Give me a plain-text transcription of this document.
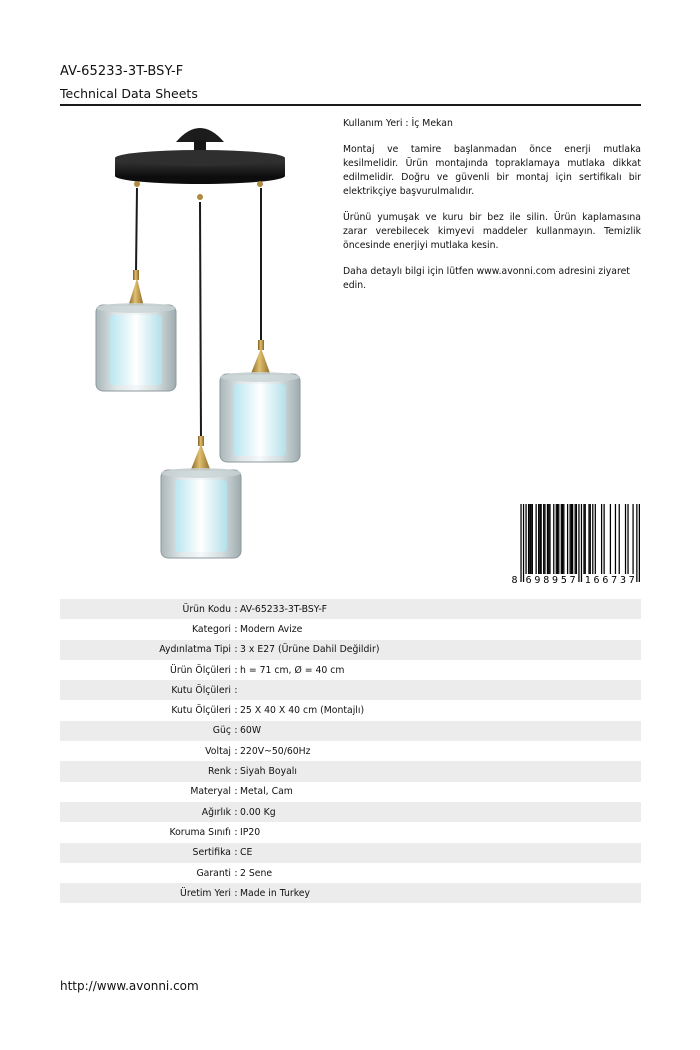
AV-65233-3T-BSY-F
Technical Data Sheets

Kullanım Yeri : İç Mekan

Montaj ve tamire başlanmadan önce enerji mutlaka kesilmelidir. Ürün montajında topraklamaya mutlaka dikkat edilmelidir. Doğru ve güvenli bir montaj için sertifikalı bir elektrikçiye başvurulmalıdır.

Ürünü yumuşak ve kuru bir bez ile silin. Ürün kaplamasına zarar verebilecek kimyevi maddeler kullanmayın. Temizlik öncesinde enerjiyi mutlaka kesin.

Daha detaylı bilgi için lütfen www.avonni.com adresini ziyaret edin.

8 6 9 8 9 5 7 1 6 6 7 3 7
Ürün Kodu : AV-65233-3T-BSY-F
Kategori : Modern Avize
Aydınlatma Tipi : 3 x E27 (Ürüne Dahil Değildir)
Ürün Ölçüleri : h = 71 cm, Ø = 40 cm
Kutu Ölçüleri :
Kutu Ölçüleri : 25 X 40 X 40 cm (Montajlı)
Güç : 60W
Voltaj : 220V~50/60Hz
Renk : Siyah Boyalı
Materyal : Metal, Cam
Ağırlık : 0.00 Kg
Koruma Sınıfı : IP20
Sertifika : CE
Garanti : 2 Sene
Üretim Yeri : Made in Turkey
http://www.avonni.com
